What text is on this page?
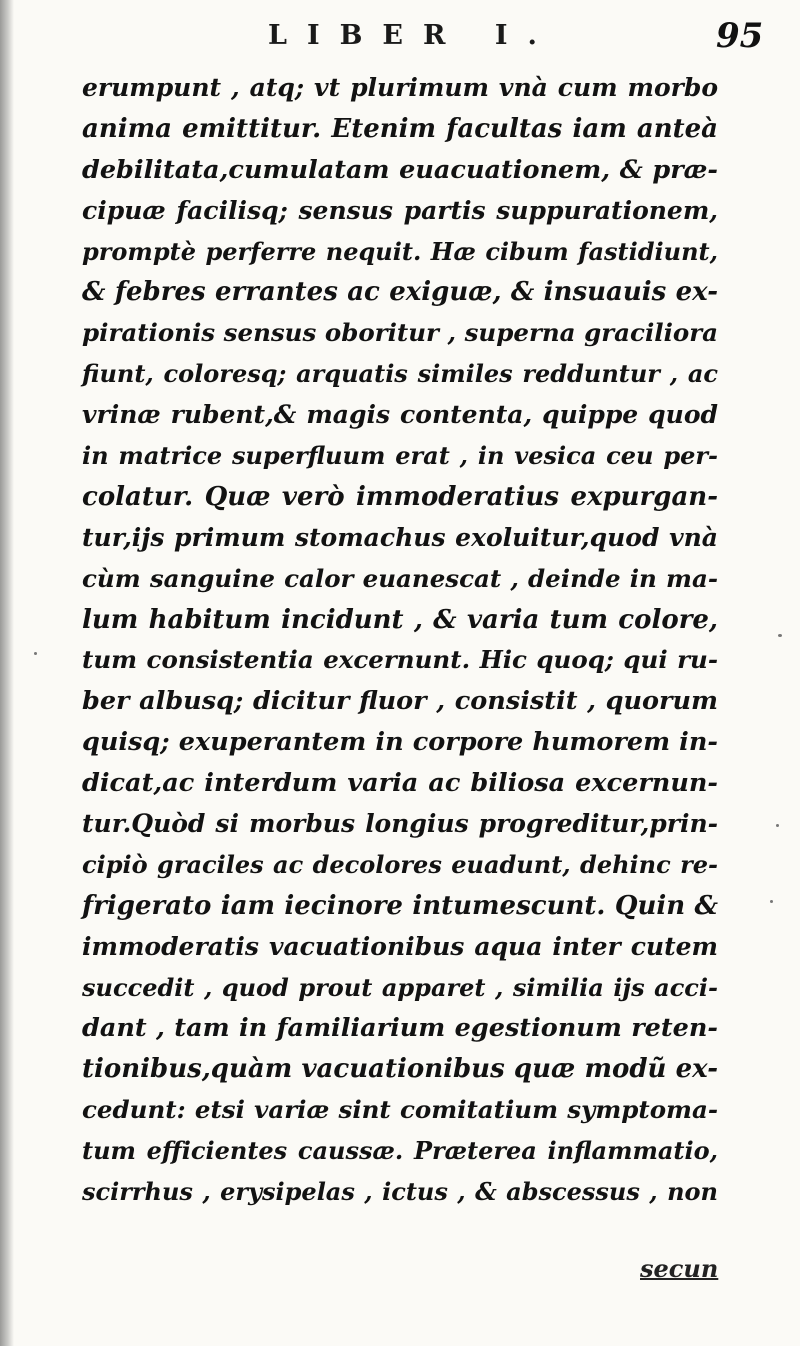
LIBER I.	95
erumpunt , atq; vt plurimum vnà cum morbo
anima emittitur. Etenim facultas iam anteà
debilitata,cumulatam euacuationem, & præ-
cipuæ facilisq; sensus partis suppurationem,
promptè perferre nequit. Hæ cibum fastidiunt,
& febres errantes ac exiguæ, & insuauis ex-
pirationis sensus oboritur , superna graciliora
fiunt, coloresq; arquatis similes redduntur , ac
vrinæ rubent,& magis contenta, quippe quod
in matrice superfluum erat , in vesica ceu per-
colatur. Quæ verò immoderatius expurgan-
tur,ijs primum stomachus exoluitur,quod vnà
cùm sanguine calor euanescat , deinde in ma-
lum habitum incidunt , & varia tum colore,
tum consistentia excernunt. Hic quoq; qui ru-
ber albusq; dicitur fluor , consistit , quorum
quisq; exuperantem in corpore humorem in-
dicat,ac interdum varia ac biliosa excernun-
tur.Quòd si morbus longius progreditur,prin-
cipiò graciles ac decolores euadunt, dehinc re-
frigerato iam iecinore intumescunt. Quin &
immoderatis vacuationibus aqua inter cutem
succedit , quod prout apparet , similia ijs acci-
dant , tam in familiarium egestionum reten-
tionibus,quàm vacuationibus quæ modũ ex-
cedunt: etsi variæ sint comitatium symptoma-
tum efficientes caussæ. Præterea inflammatio,
scirrhus , erysipelas , ictus , & abscessus , non
secun
